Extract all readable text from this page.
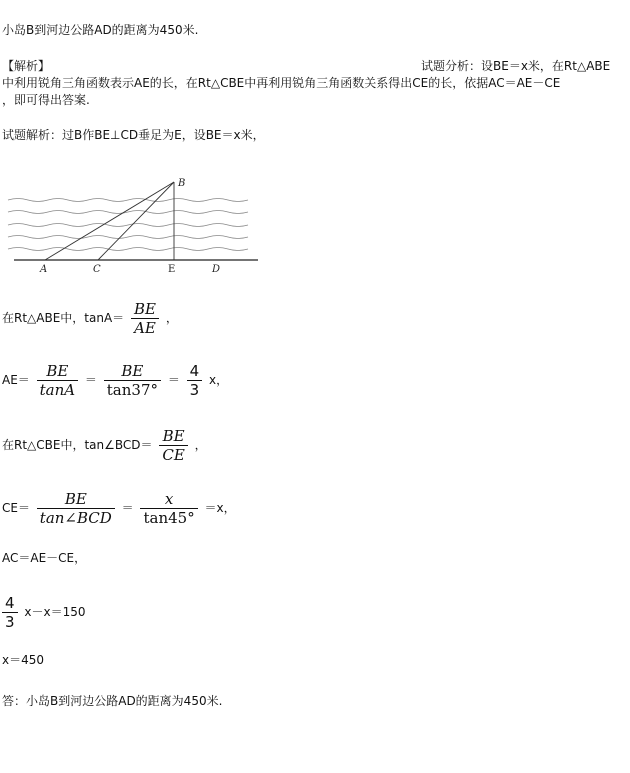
小岛B到河边公路AD的距离为450米.
【解析】	试题分析：设BE＝x米，在Rt△ABE
中利用锐角三角函数表示AE的长，在Rt△CBE中再利用锐角三角函数关系得出CE的长，依据AC＝AE－CE
，即可得出答案.
试题解析：过B作BE⊥CD垂足为E，设BE＝x米，
B
A	C	E	D
在Rt△ABE中，$\tan A= \frac{BE}{AE}$ ，
$AE= \frac{BE}{\tan A} = \frac{BE}{\tan 37^\circ} = \frac{4}{3}$ x，
在Rt△CBE中，tan∠BCD＝ $\frac{BE}{CE}$ ，
$CE= \frac{BE}{\text{tan∠BCD}} = \frac{x}{\tan 45^\circ} =x$，
AC＝AE－CE，
$\frac{4}{3} x-x=150$
x＝450
答：小岛B到河边公路AD的距离为450米.
